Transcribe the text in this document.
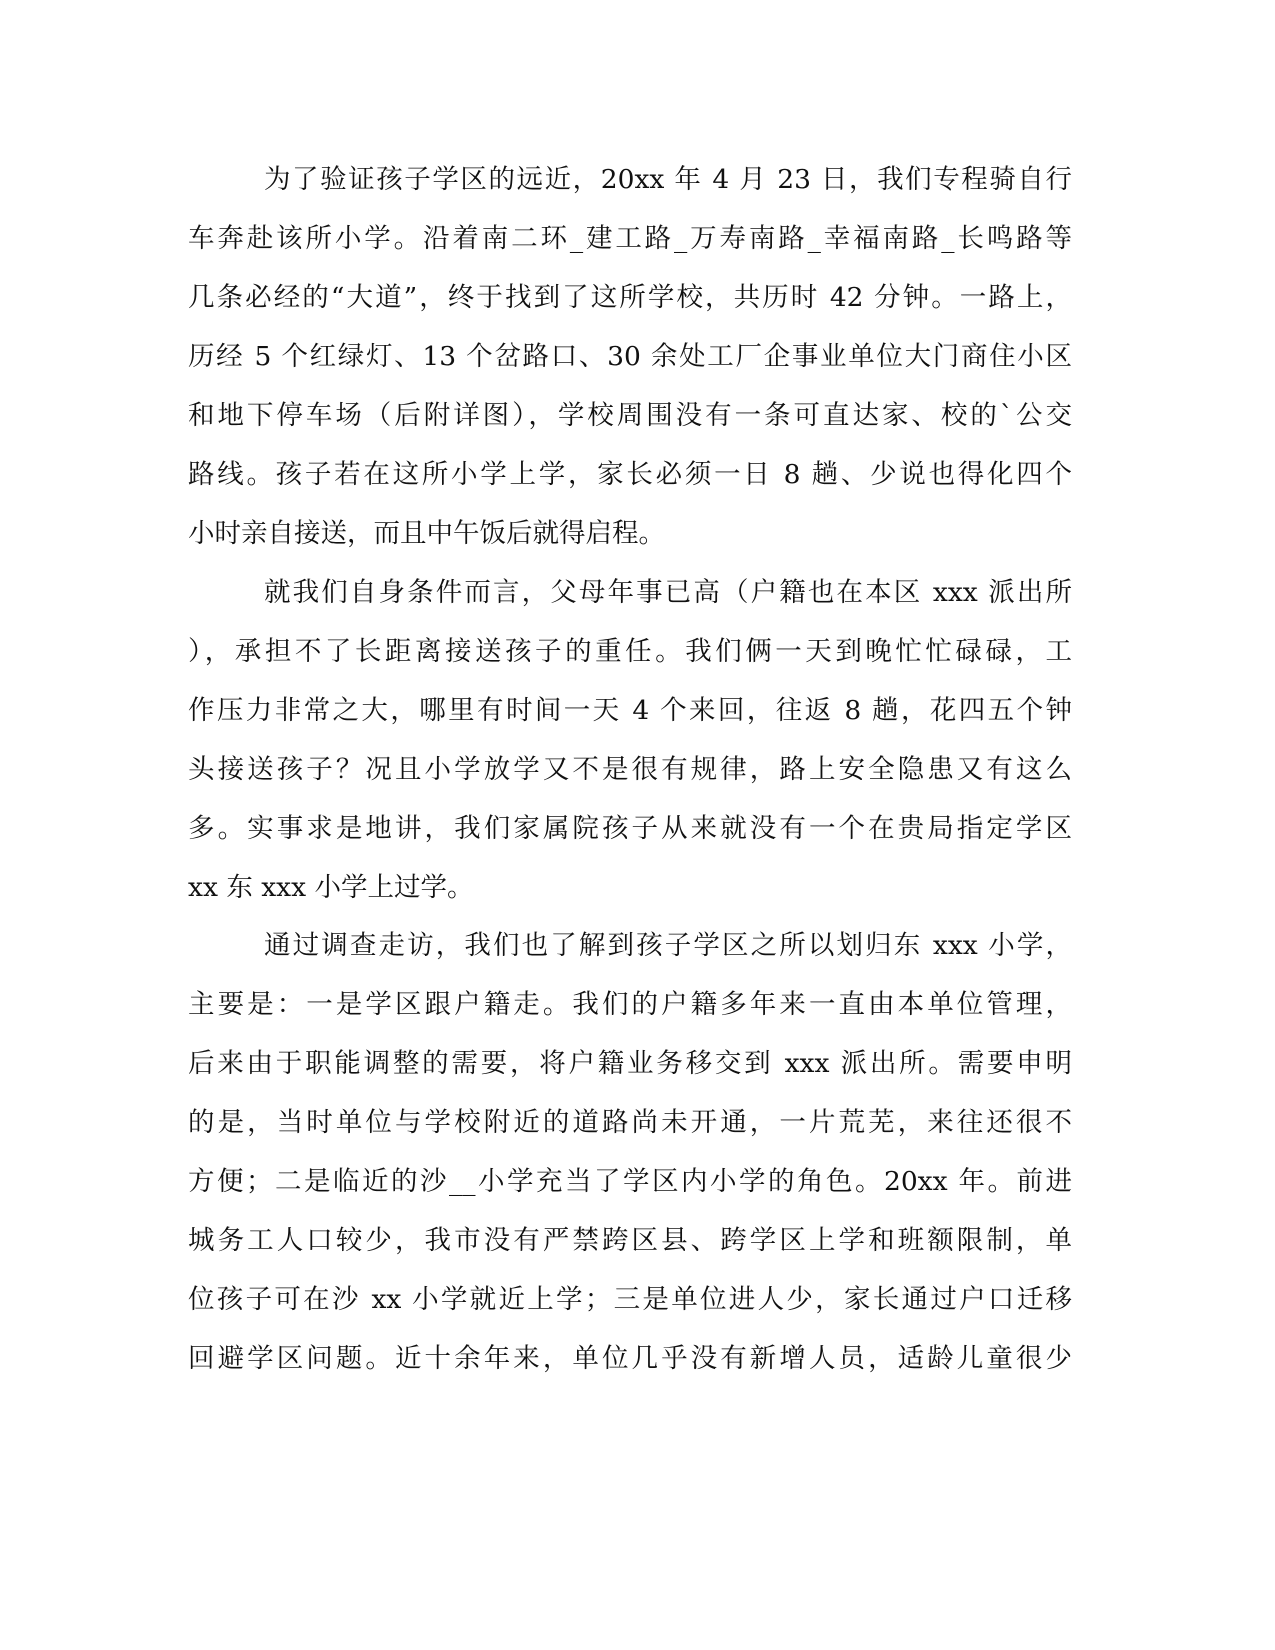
为了验证孩子学区的远近，20xx 年 4 月 23 日，我们专程骑自行
车奔赴该所小学。沿着南二环_建工路_万寿南路_幸福南路_长鸣路等
几条必经的“大道”，终于找到了这所学校，共历时 42 分钟。一路上，
历经 5 个红绿灯、13 个岔路口、30 余处工厂企事业单位大门商住小区
和地下停车场（后附详图），学校周围没有一条可直达家、校的`公交
路线。孩子若在这所小学上学，家长必须一日 8 趟、少说也得化四个
小时亲自接送，而且中午饭后就得启程。
就我们自身条件而言，父母年事已高（户籍也在本区 xxx 派出所
），承担不了长距离接送孩子的重任。我们俩一天到晚忙忙碌碌，工
作压力非常之大，哪里有时间一天 4 个来回，往返 8 趟，花四五个钟
头接送孩子？况且小学放学又不是很有规律，路上安全隐患又有这么
多。实事求是地讲，我们家属院孩子从来就没有一个在贵局指定学区
xx 东 xxx 小学上过学。
通过调查走访，我们也了解到孩子学区之所以划归东 xxx 小学，
主要是：一是学区跟户籍走。我们的户籍多年来一直由本单位管理，
后来由于职能调整的需要，将户籍业务移交到 xxx 派出所。需要申明
的是，当时单位与学校附近的道路尚未开通，一片荒芜，来往还很不
方便；二是临近的沙__小学充当了学区内小学的角色。20xx 年。前进
城务工人口较少，我市没有严禁跨区县、跨学区上学和班额限制，单
位孩子可在沙 xx 小学就近上学；三是单位进人少，家长通过户口迁移
回避学区问题。近十余年来，单位几乎没有新增人员，适龄儿童很少
